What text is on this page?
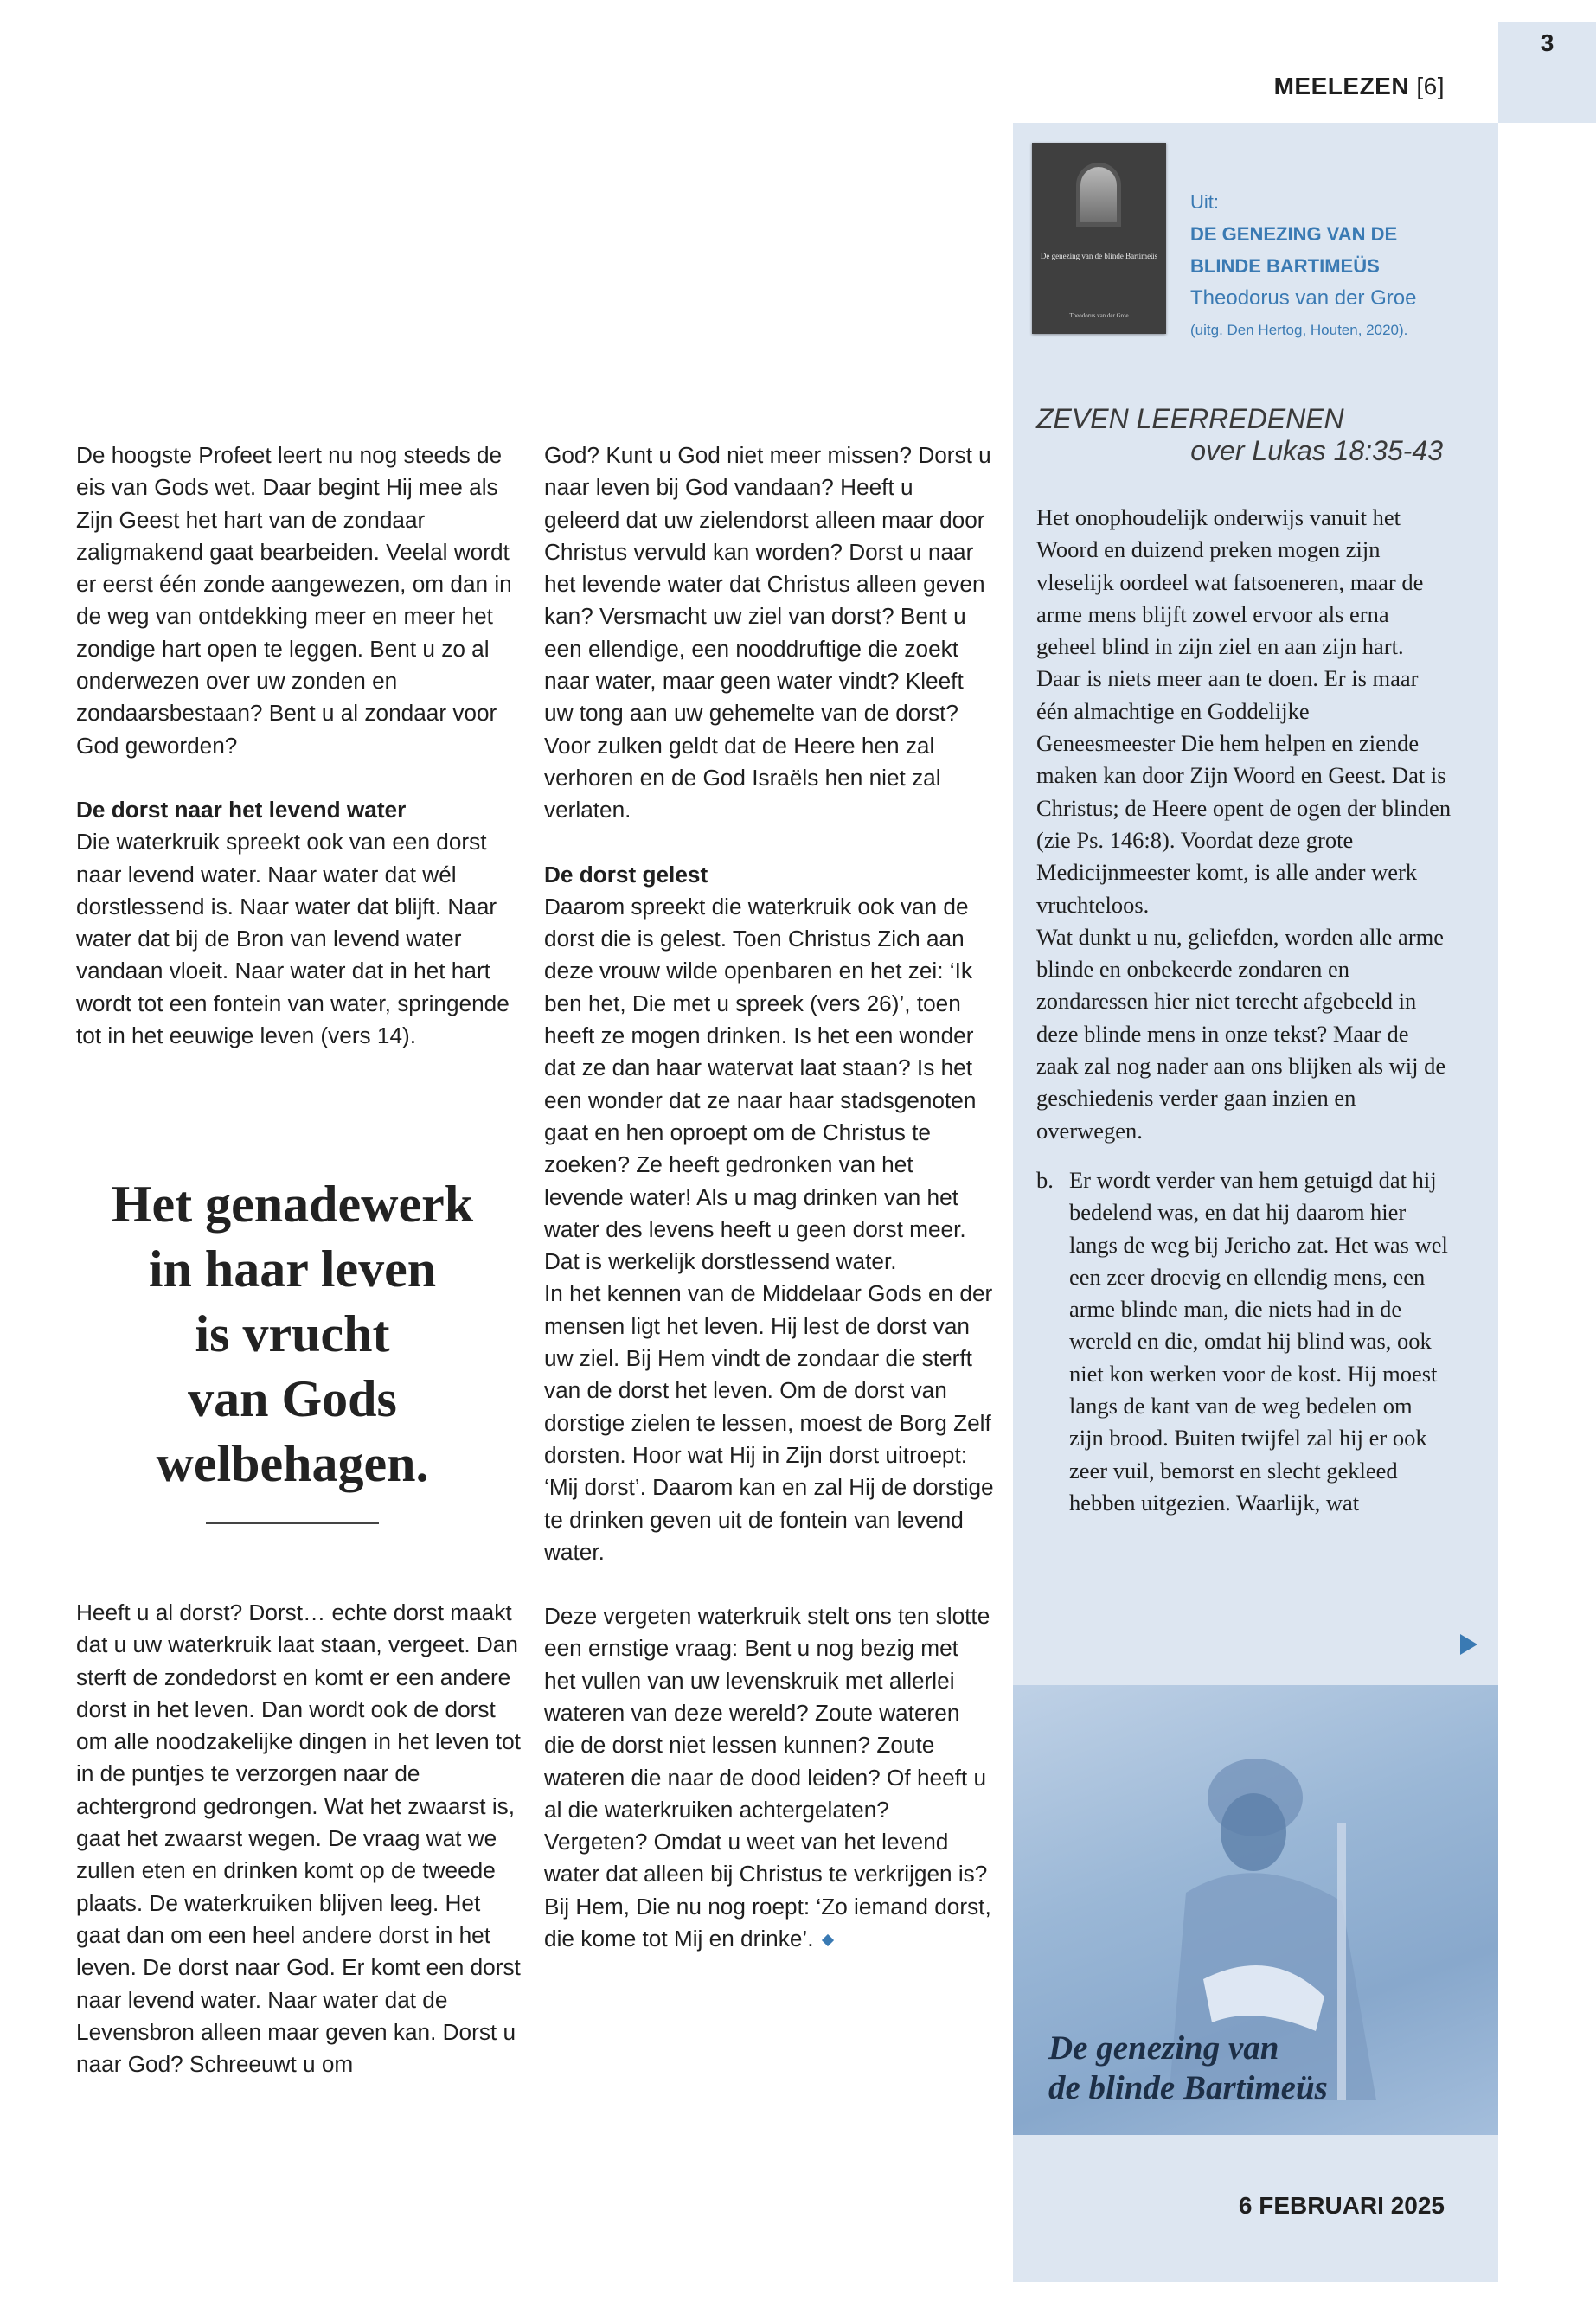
3
MEELEZEN [6]
De genezing van de blinde Bartimeüs
Theodorus van der Groe
Uit:
DE GENEZING VAN DE
BLINDE BARTIMEÜS
Theodorus van der Groe
(uitg. Den Hertog, Houten, 2020).
ZEVEN LEERREDENEN
over Lukas 18:35-43

Het onophoudelijk onderwijs vanuit het Woord en duizend preken mogen zijn vleselijk oordeel wat fatsoeneren, maar de arme mens blijft zowel ervoor als erna geheel blind in zijn ziel en aan zijn hart. Daar is niets meer aan te doen. Er is maar één almachtige en Goddelijke Geneesmeester Die hem helpen en ziende maken kan door Zijn Woord en Geest. Dat is Christus; de Heere opent de ogen der blinden (zie Ps. 146:8). Voordat deze grote Medicijnmeester komt, is alle ander werk vruchteloos.

Wat dunkt u nu, geliefden, worden alle arme blinde en onbekeerde zondaren en zondaressen hier niet terecht afgebeeld in deze blinde mens in onze tekst? Maar de zaak zal nog nader aan ons blijken als wij de geschiedenis verder gaan inzien en overwegen.

b. Er wordt verder van hem getuigd dat hij bedelend was, en dat hij daarom hier langs de weg bij Jericho zat. Het was wel een zeer droevig en ellendig mens, een arme blinde man, die niets had in de wereld en die, omdat hij blind was, ook niet kon werken voor de kost. Hij moest langs de kant van de weg bedelen om zijn brood. Buiten twijfel zal hij er ook zeer vuil, bemorst en slecht gekleed hebben uitgezien. Waarlijk, wat
De genezing van
de blinde Bartimeüs
6 FEBRUARI 2025

De hoogste Profeet leert nu nog steeds de eis van Gods wet. Daar begint Hij mee als Zijn Geest het hart van de zondaar zaligmakend gaat bearbeiden. Veelal wordt er eerst één zonde aangewezen, om dan in de weg van ontdekking meer en meer het zondige hart open te leggen. Bent u zo al onderwezen over uw zonden en zondaarsbestaan? Bent u al zondaar voor God geworden?

De dorst naar het levend water

Die waterkruik spreekt ook van een dorst naar levend water. Naar water dat wél dorstlessend is. Naar water dat blijft. Naar water dat bij de Bron van levend water vandaan vloeit. Naar water dat in het hart wordt tot een fontein van water, springende tot in het eeuwige leven (vers 14).

Het genadewerk
in haar leven
is vrucht
van Gods
welbehagen.

Heeft u al dorst? Dorst… echte dorst maakt dat u uw waterkruik laat staan, vergeet. Dan sterft de zondedorst en komt er een andere dorst in het leven. Dan wordt ook de dorst om alle noodzakelijke dingen in het leven tot in de puntjes te verzorgen naar de achtergrond gedrongen. Wat het zwaarst is, gaat het zwaarst wegen. De vraag wat we zullen eten en drinken komt op de tweede plaats. De waterkruiken blijven leeg. Het gaat dan om een heel andere dorst in het leven. De dorst naar God. Er komt een dorst naar levend water. Naar water dat de Levensbron alleen maar geven kan. Dorst u naar God? Schreeuwt u om

God? Kunt u God niet meer missen? Dorst u naar leven bij God vandaan? Heeft u geleerd dat uw zielendorst alleen maar door Christus vervuld kan worden? Dorst u naar het levende water dat Christus alleen geven kan? Versmacht uw ziel van dorst? Bent u een ellendige, een nooddruftige die zoekt naar water, maar geen water vindt? Kleeft uw tong aan uw gehemelte van de dorst? Voor zulken geldt dat de Heere hen zal verhoren en de God Israëls hen niet zal verlaten.

De dorst gelest

Daarom spreekt die waterkruik ook van de dorst die is gelest. Toen Christus Zich aan deze vrouw wilde openbaren en het zei: ‘Ik ben het, Die met u spreek (vers 26)’, toen heeft ze mogen drinken. Is het een wonder dat ze dan haar watervat laat staan? Is het een wonder dat ze naar haar stadsgenoten gaat en hen oproept om de Christus te zoeken? Ze heeft gedronken van het levende water! Als u mag drinken van het water des levens heeft u geen dorst meer. Dat is werkelijk dorstlessend water.

In het kennen van de Middelaar Gods en der mensen ligt het leven. Hij lest de dorst van uw ziel. Bij Hem vindt de zondaar die sterft van de dorst het leven. Om de dorst van dorstige zielen te lessen, moest de Borg Zelf dorsten. Hoor wat Hij in Zijn dorst uitroept: ‘Mij dorst’. Daarom kan en zal Hij de dorstige te drinken geven uit de fontein van levend water.

Deze vergeten waterkruik stelt ons ten slotte een ernstige vraag: Bent u nog bezig met het vullen van uw levenskruik met allerlei wateren van deze wereld? Zoute wateren die de dorst niet lessen kunnen? Zoute wateren die naar de dood leiden? Of heeft u al die waterkruiken achtergelaten? Vergeten? Omdat u weet van het levend water dat alleen bij Christus te verkrijgen is? Bij Hem, Die nu nog roept: ‘Zo iemand dorst, die kome tot Mij en drinke’.
